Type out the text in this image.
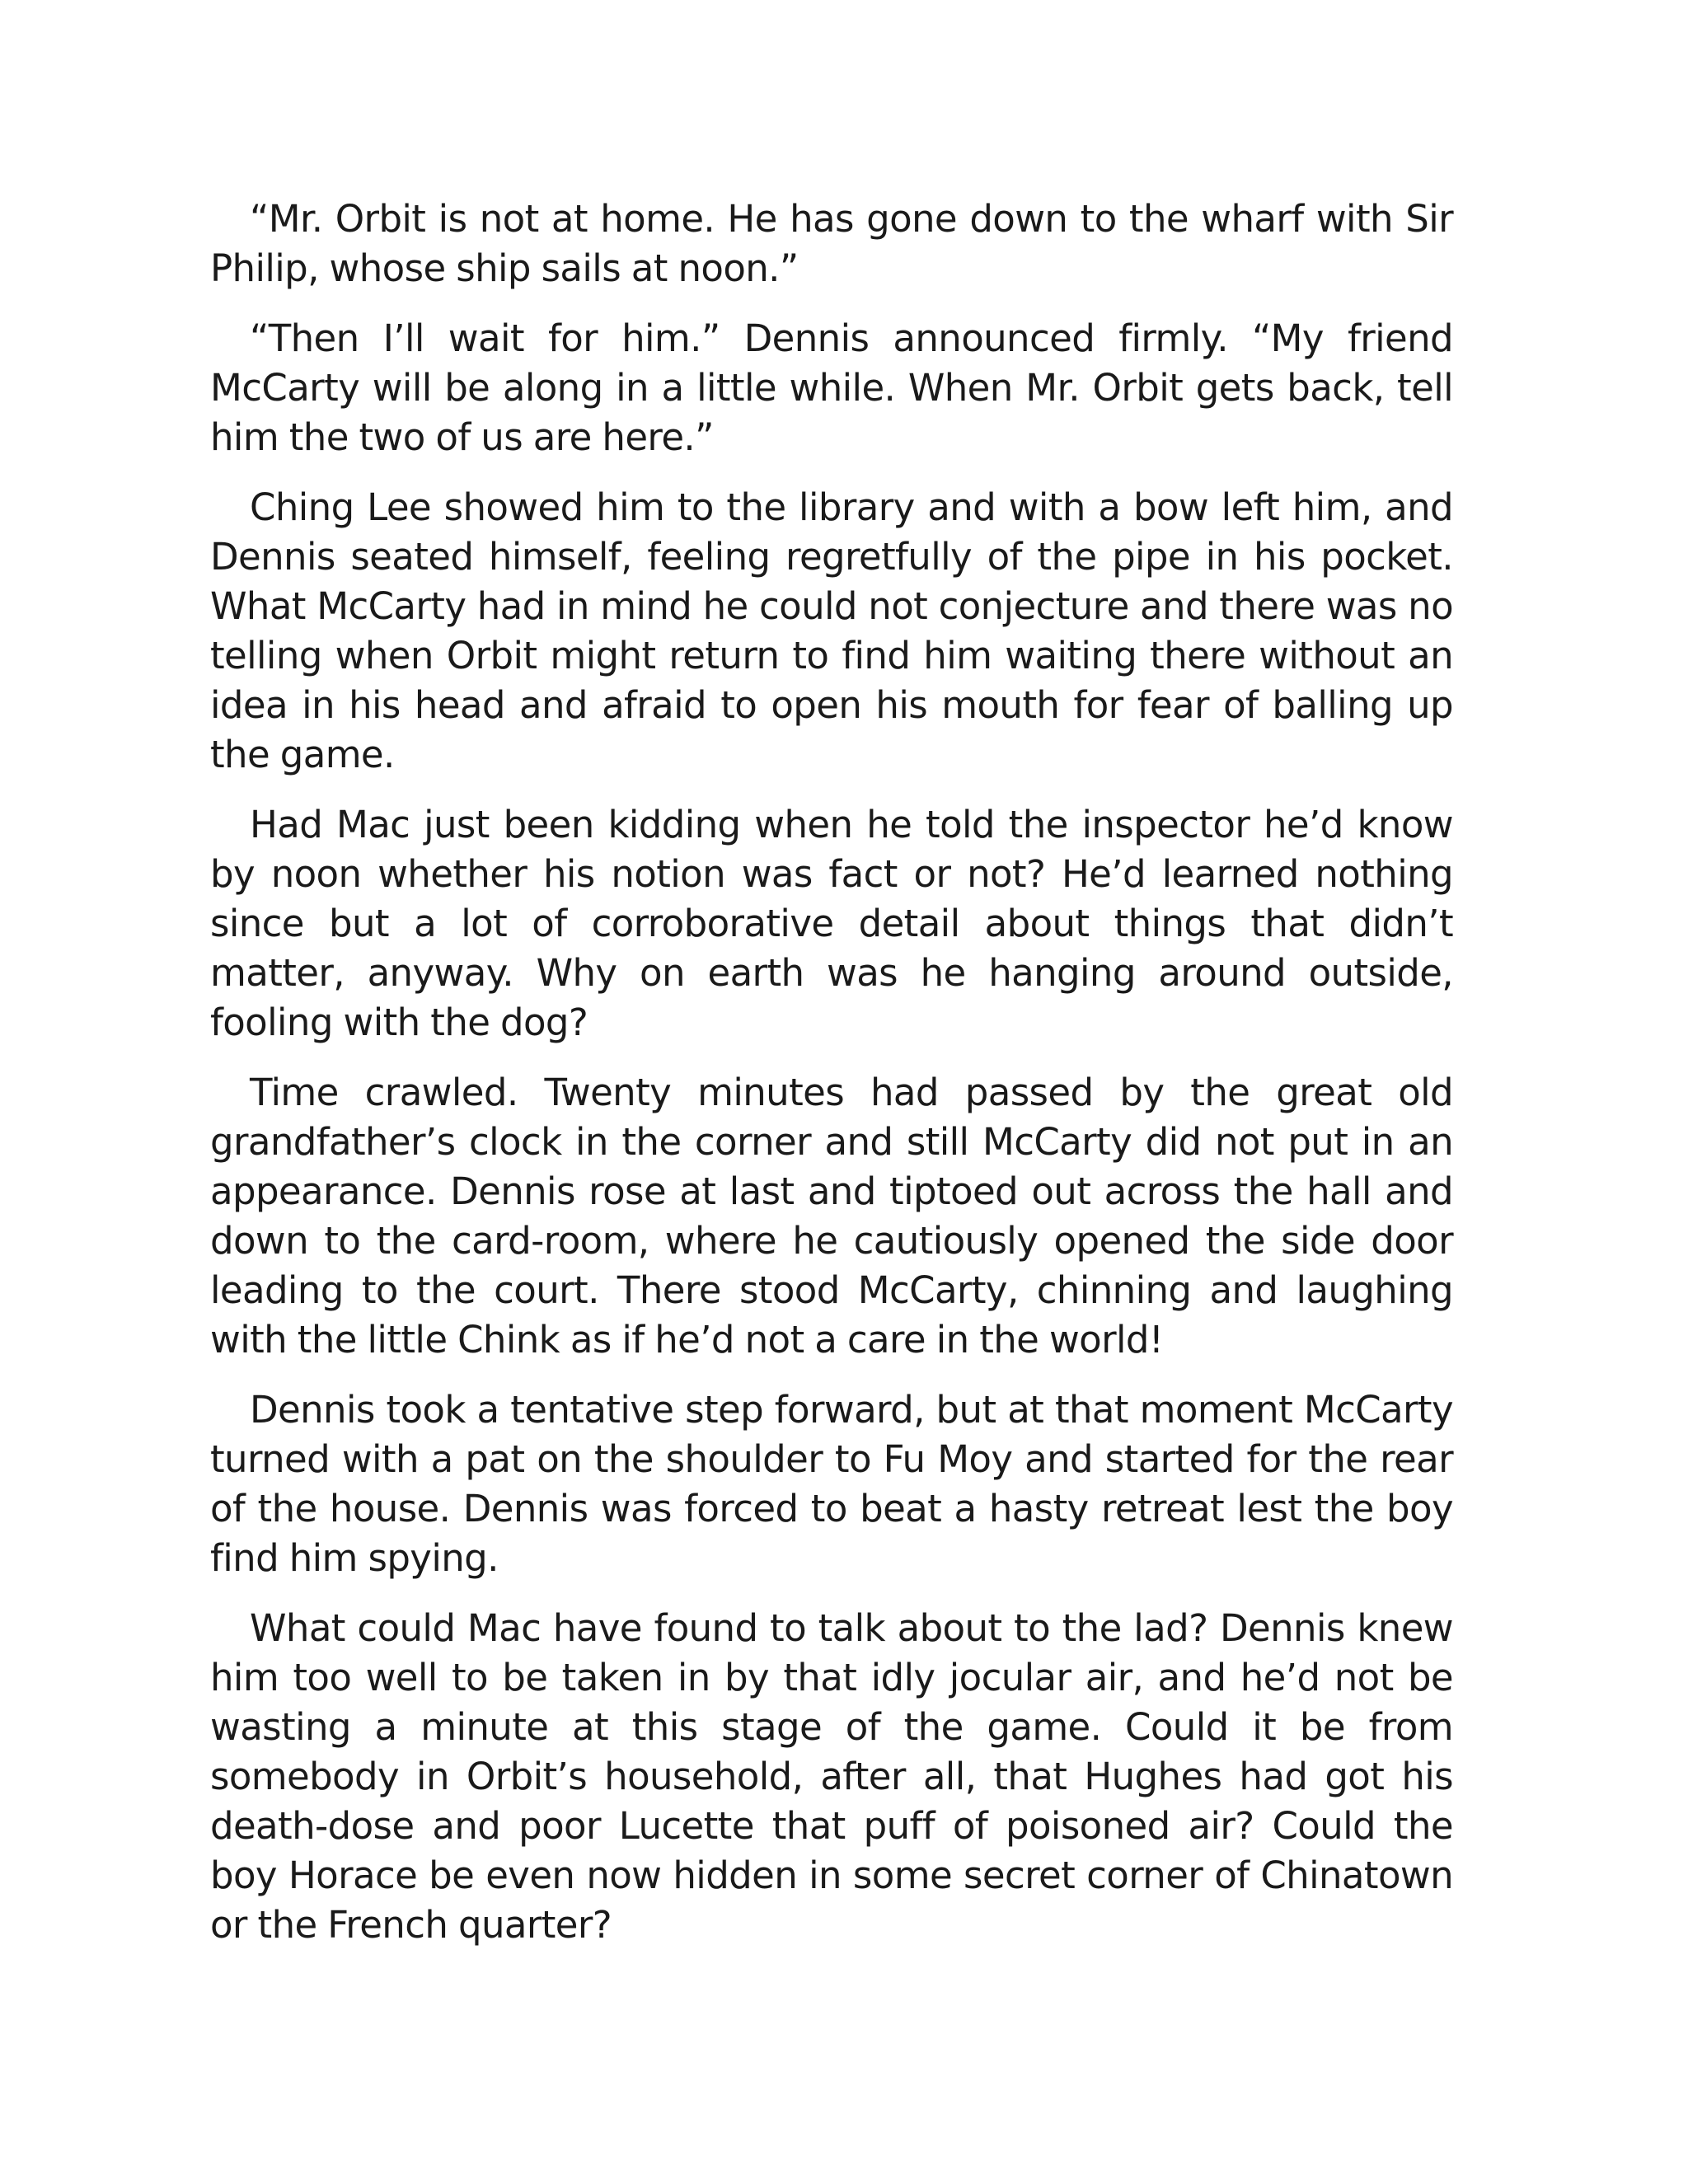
“Mr. Orbit is not at home. He has gone down to the wharf with Sir Philip, whose ship sails at noon.”

“Then I’ll wait for him.” Dennis announced firmly. “My friend McCarty will be along in a little while. When Mr. Orbit gets back, tell him the two of us are here.”

Ching Lee showed him to the library and with a bow left him, and Dennis seated himself, feeling regretfully of the pipe in his pocket. What McCarty had in mind he could not conjecture and there was no telling when Orbit might return to find him waiting there without an idea in his head and afraid to open his mouth for fear of balling up the game.

Had Mac just been kidding when he told the inspector he’d know by noon whether his notion was fact or not? He’d learned nothing since but a lot of corroborative detail about things that didn’t matter, anyway. Why on earth was he hanging around outside, fooling with the dog?

Time crawled. Twenty minutes had passed by the great old grandfather’s clock in the corner and still McCarty did not put in an appearance. Dennis rose at last and tiptoed out across the hall and down to the card-room, where he cautiously opened the side door leading to the court. There stood McCarty, chinning and laughing with the little Chink as if he’d not a care in the world!

Dennis took a tentative step forward, but at that moment McCarty turned with a pat on the shoulder to Fu Moy and started for the rear of the house. Dennis was forced to beat a hasty retreat lest the boy find him spying.

What could Mac have found to talk about to the lad? Dennis knew him too well to be taken in by that idly jocular air, and he’d not be wasting a minute at this stage of the game. Could it be from somebody in Orbit’s household, after all, that Hughes had got his death-dose and poor Lucette that puff of poisoned air? Could the boy Horace be even now hidden in some secret corner of Chinatown or the French quarter?
